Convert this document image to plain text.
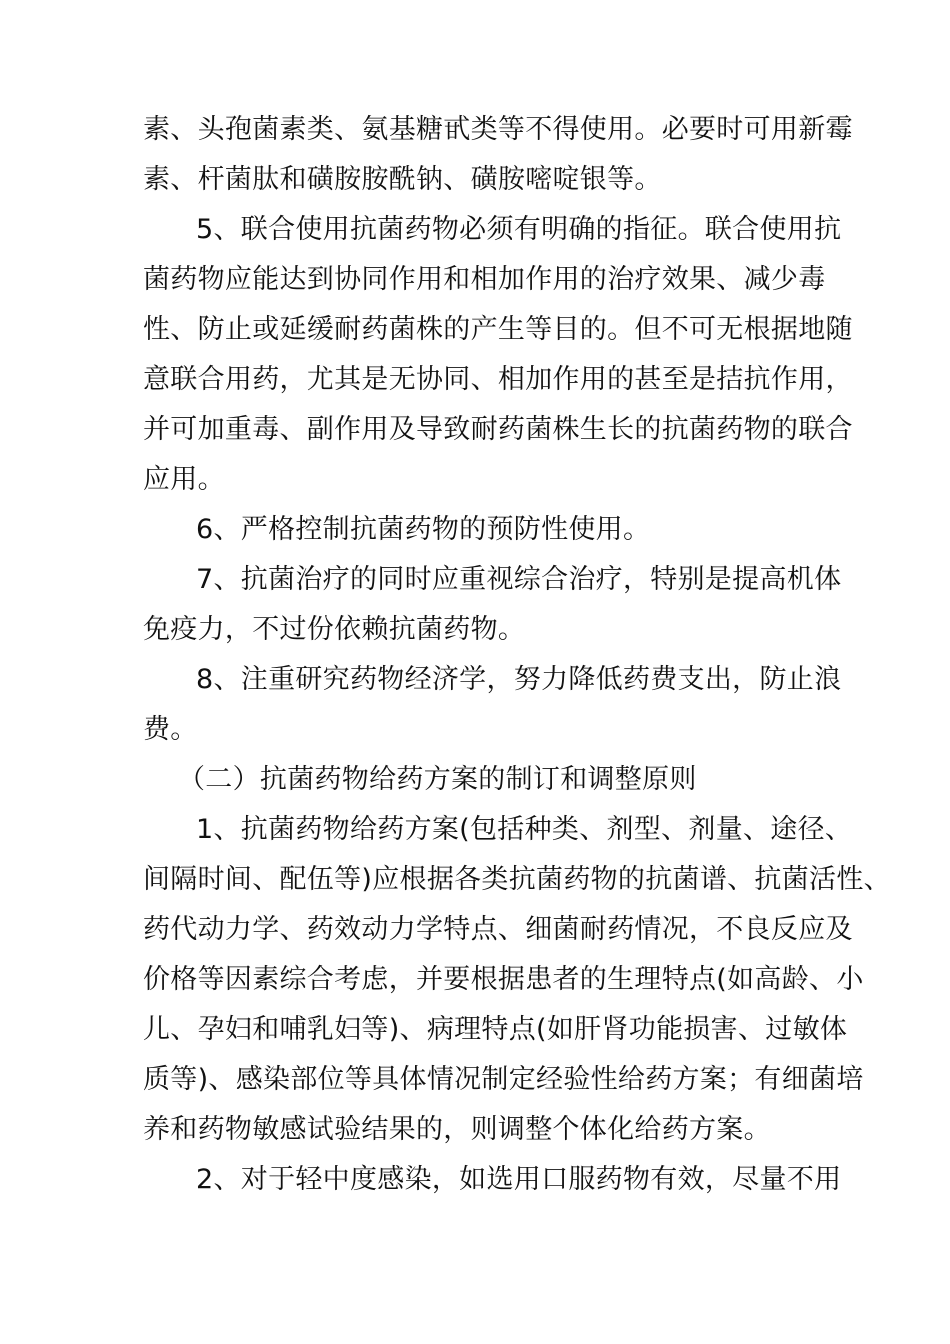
素、头孢菌素类、氨基糖甙类等不得使用。必要时可用新霉
素、杆菌肽和磺胺胺酰钠、磺胺嘧啶银等。
5、联合使用抗菌药物必须有明确的指征。联合使用抗
菌药物应能达到协同作用和相加作用的治疗效果、减少毒
性、防止或延缓耐药菌株的产生等目的。但不可无根据地随
意联合用药，尤其是无协同、相加作用的甚至是拮抗作用，
并可加重毒、副作用及导致耐药菌株生长的抗菌药物的联合
应用。
6、严格控制抗菌药物的预防性使用。
7、抗菌治疗的同时应重视综合治疗，特别是提高机体
免疫力，不过份依赖抗菌药物。
8、注重研究药物经济学，努力降低药费支出，防止浪
费。
（二）抗菌药物给药方案的制订和调整原则
1、抗菌药物给药方案(包括种类、剂型、剂量、途径、
间隔时间、配伍等)应根据各类抗菌药物的抗菌谱、抗菌活性、
药代动力学、药效动力学特点、细菌耐药情况，不良反应及
价格等因素综合考虑，并要根据患者的生理特点(如高龄、小
儿、孕妇和哺乳妇等)、病理特点(如肝肾功能损害、过敏体
质等)、感染部位等具体情况制定经验性给药方案；有细菌培
养和药物敏感试验结果的，则调整个体化给药方案。
2、对于轻中度感染，如选用口服药物有效，尽量不用
